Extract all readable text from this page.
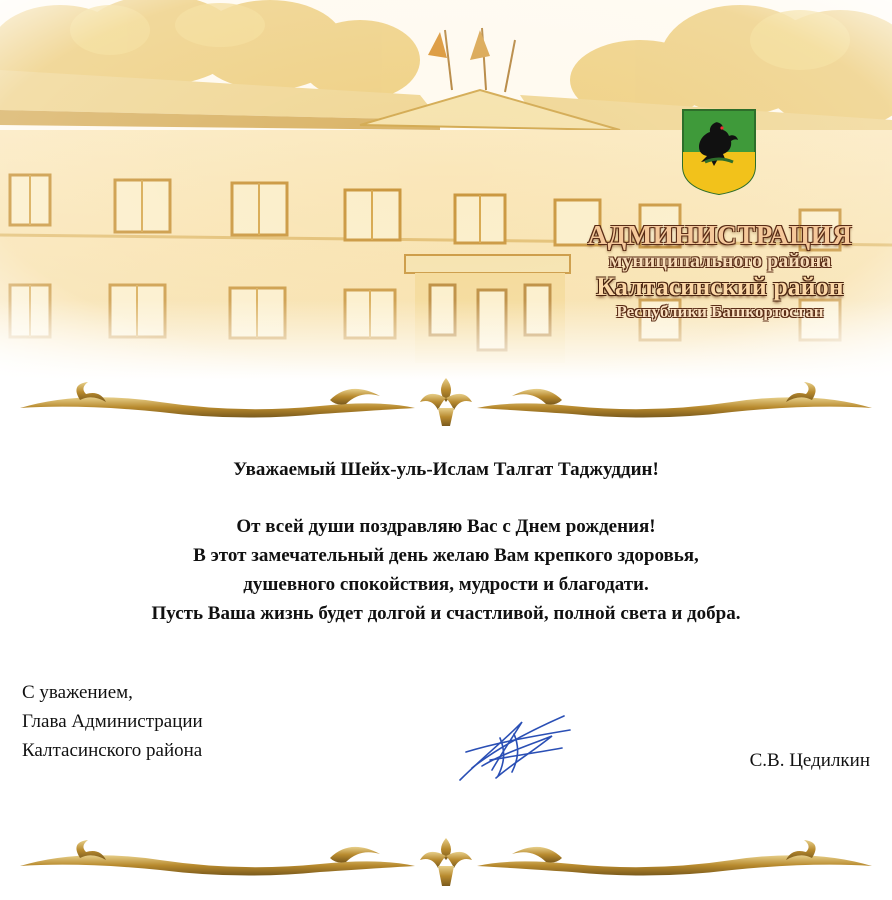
АДМИНИСТРАЦИЯ
муниципального района
Калтасинский район
Республики Башкортостан
Уважаемый Шейх-уль-Ислам Талгат Таджуддин!
От всей души поздравляю Вас с Днем рождения!
В этот замечательный день желаю Вам крепкого здоровья,
душевного спокойствия, мудрости и благодати.
Пусть Ваша жизнь будет долгой и счастливой, полной света и добра.
С уважением,
Глава Администрации
Калтасинского района	С.В. Цедилкин
